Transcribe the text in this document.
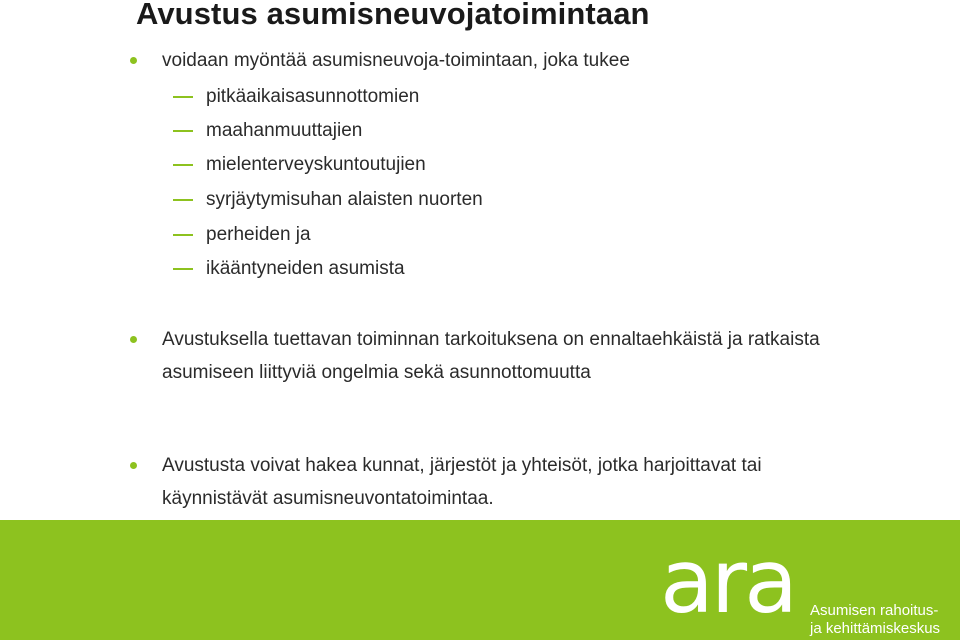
Avustus asumisneuvojatoimintaan
voidaan myöntää asumisneuvoja-toimintaan, joka tukee
pitkäaikaisasunnottomien
maahanmuuttajien
mielenterveyskuntoutujien
syrjäytymisuhan alaisten nuorten
perheiden ja
ikääntyneiden asumista
Avustuksella tuettavan toiminnan tarkoituksena on ennaltaehkäistä ja ratkaista asumiseen liittyviä ongelmia sekä asunnottomuutta
Avustusta voivat hakea kunnat, järjestöt ja yhteisöt, jotka harjoittavat tai käynnistävät asumisneuvontatoimintaa.
ara Asumisen rahoitus-
ja kehittämiskeskus
